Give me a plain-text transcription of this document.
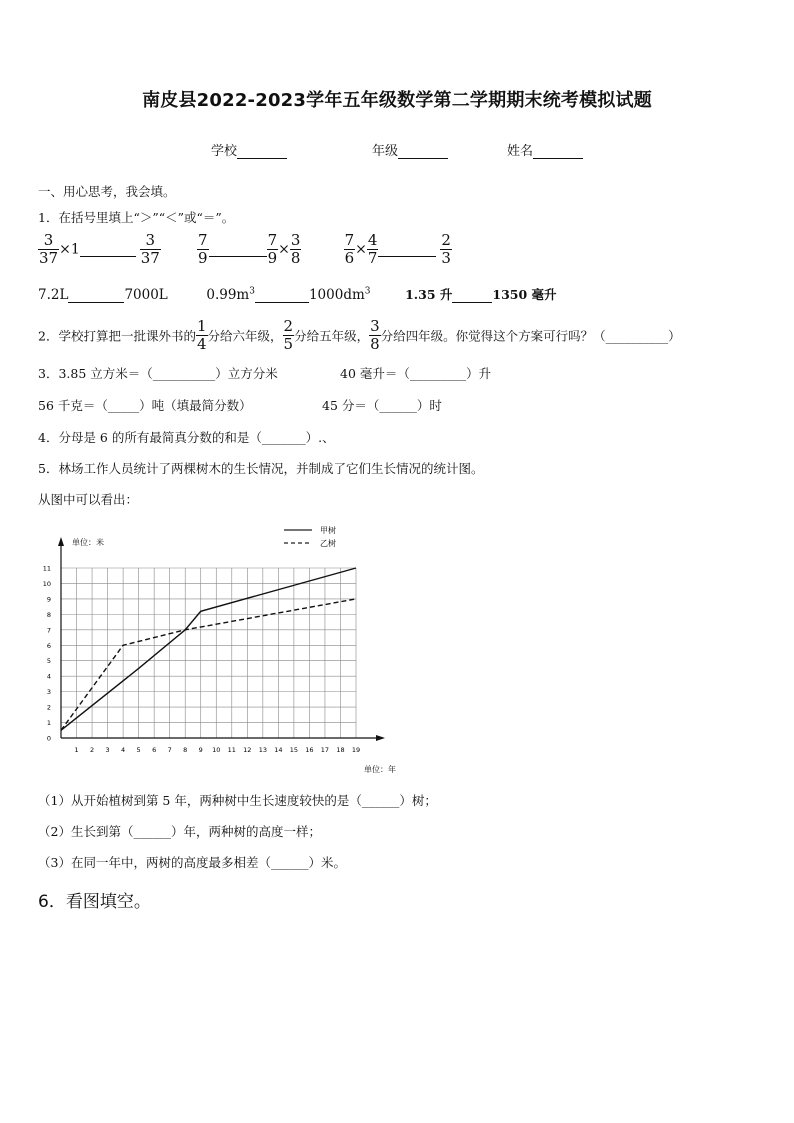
南皮县2022-2023学年五年级数学第二学期期末统考模拟试题
学校	年级	姓名
一、用心思考，我会填。
1．在括号里填上“＞”“＜”或“＝”。
$\frac{3}{37} \times 1$	$\frac{3}{37}$
$\frac{7}{9}$	$\frac{7}{9} \times \frac{3}{8}$
	$\frac{7}{6} \times \frac{4}{7}$	$\frac{2}{3}$
7.2L	7000L	$0.99m^3$	$1000dm^3$	1.35 升	1350 毫升
2．学校打算把一批课外书的 $\frac{1}{4}$ 分给六年级， $\frac{2}{5}$ 分给五年级， $\frac{3}{8}$ 分给四年级。你觉得这个方案可行吗？（__________）
3．3.85 立方米＝（__________）立方分米	40 毫升＝（_________）升
56 千克＝（_____）吨（填最简分数）	45 分＝（______）时
4．分母是 6 的所有最简真分数的和是（_______）.、
5．林场工作人员统计了两棵树木的生长情况，并制成了它们生长情况的统计图。
从图中可以看出：
单位：米
单位：年
甲树
乙树
1 2 3 4 5 6 7 8 9 10 11 12 13 14 15 16 17 18 19
0
1
2
3
4
5
6
7
8
9
10
11
（1）从开始植树到第 5 年，两种树中生长速度较快的是（______）树；
（2）生长到第（______）年，两种树的高度一样；
（3）在同一年中，两树的高度最多相差（______）米。
6．看图填空。
